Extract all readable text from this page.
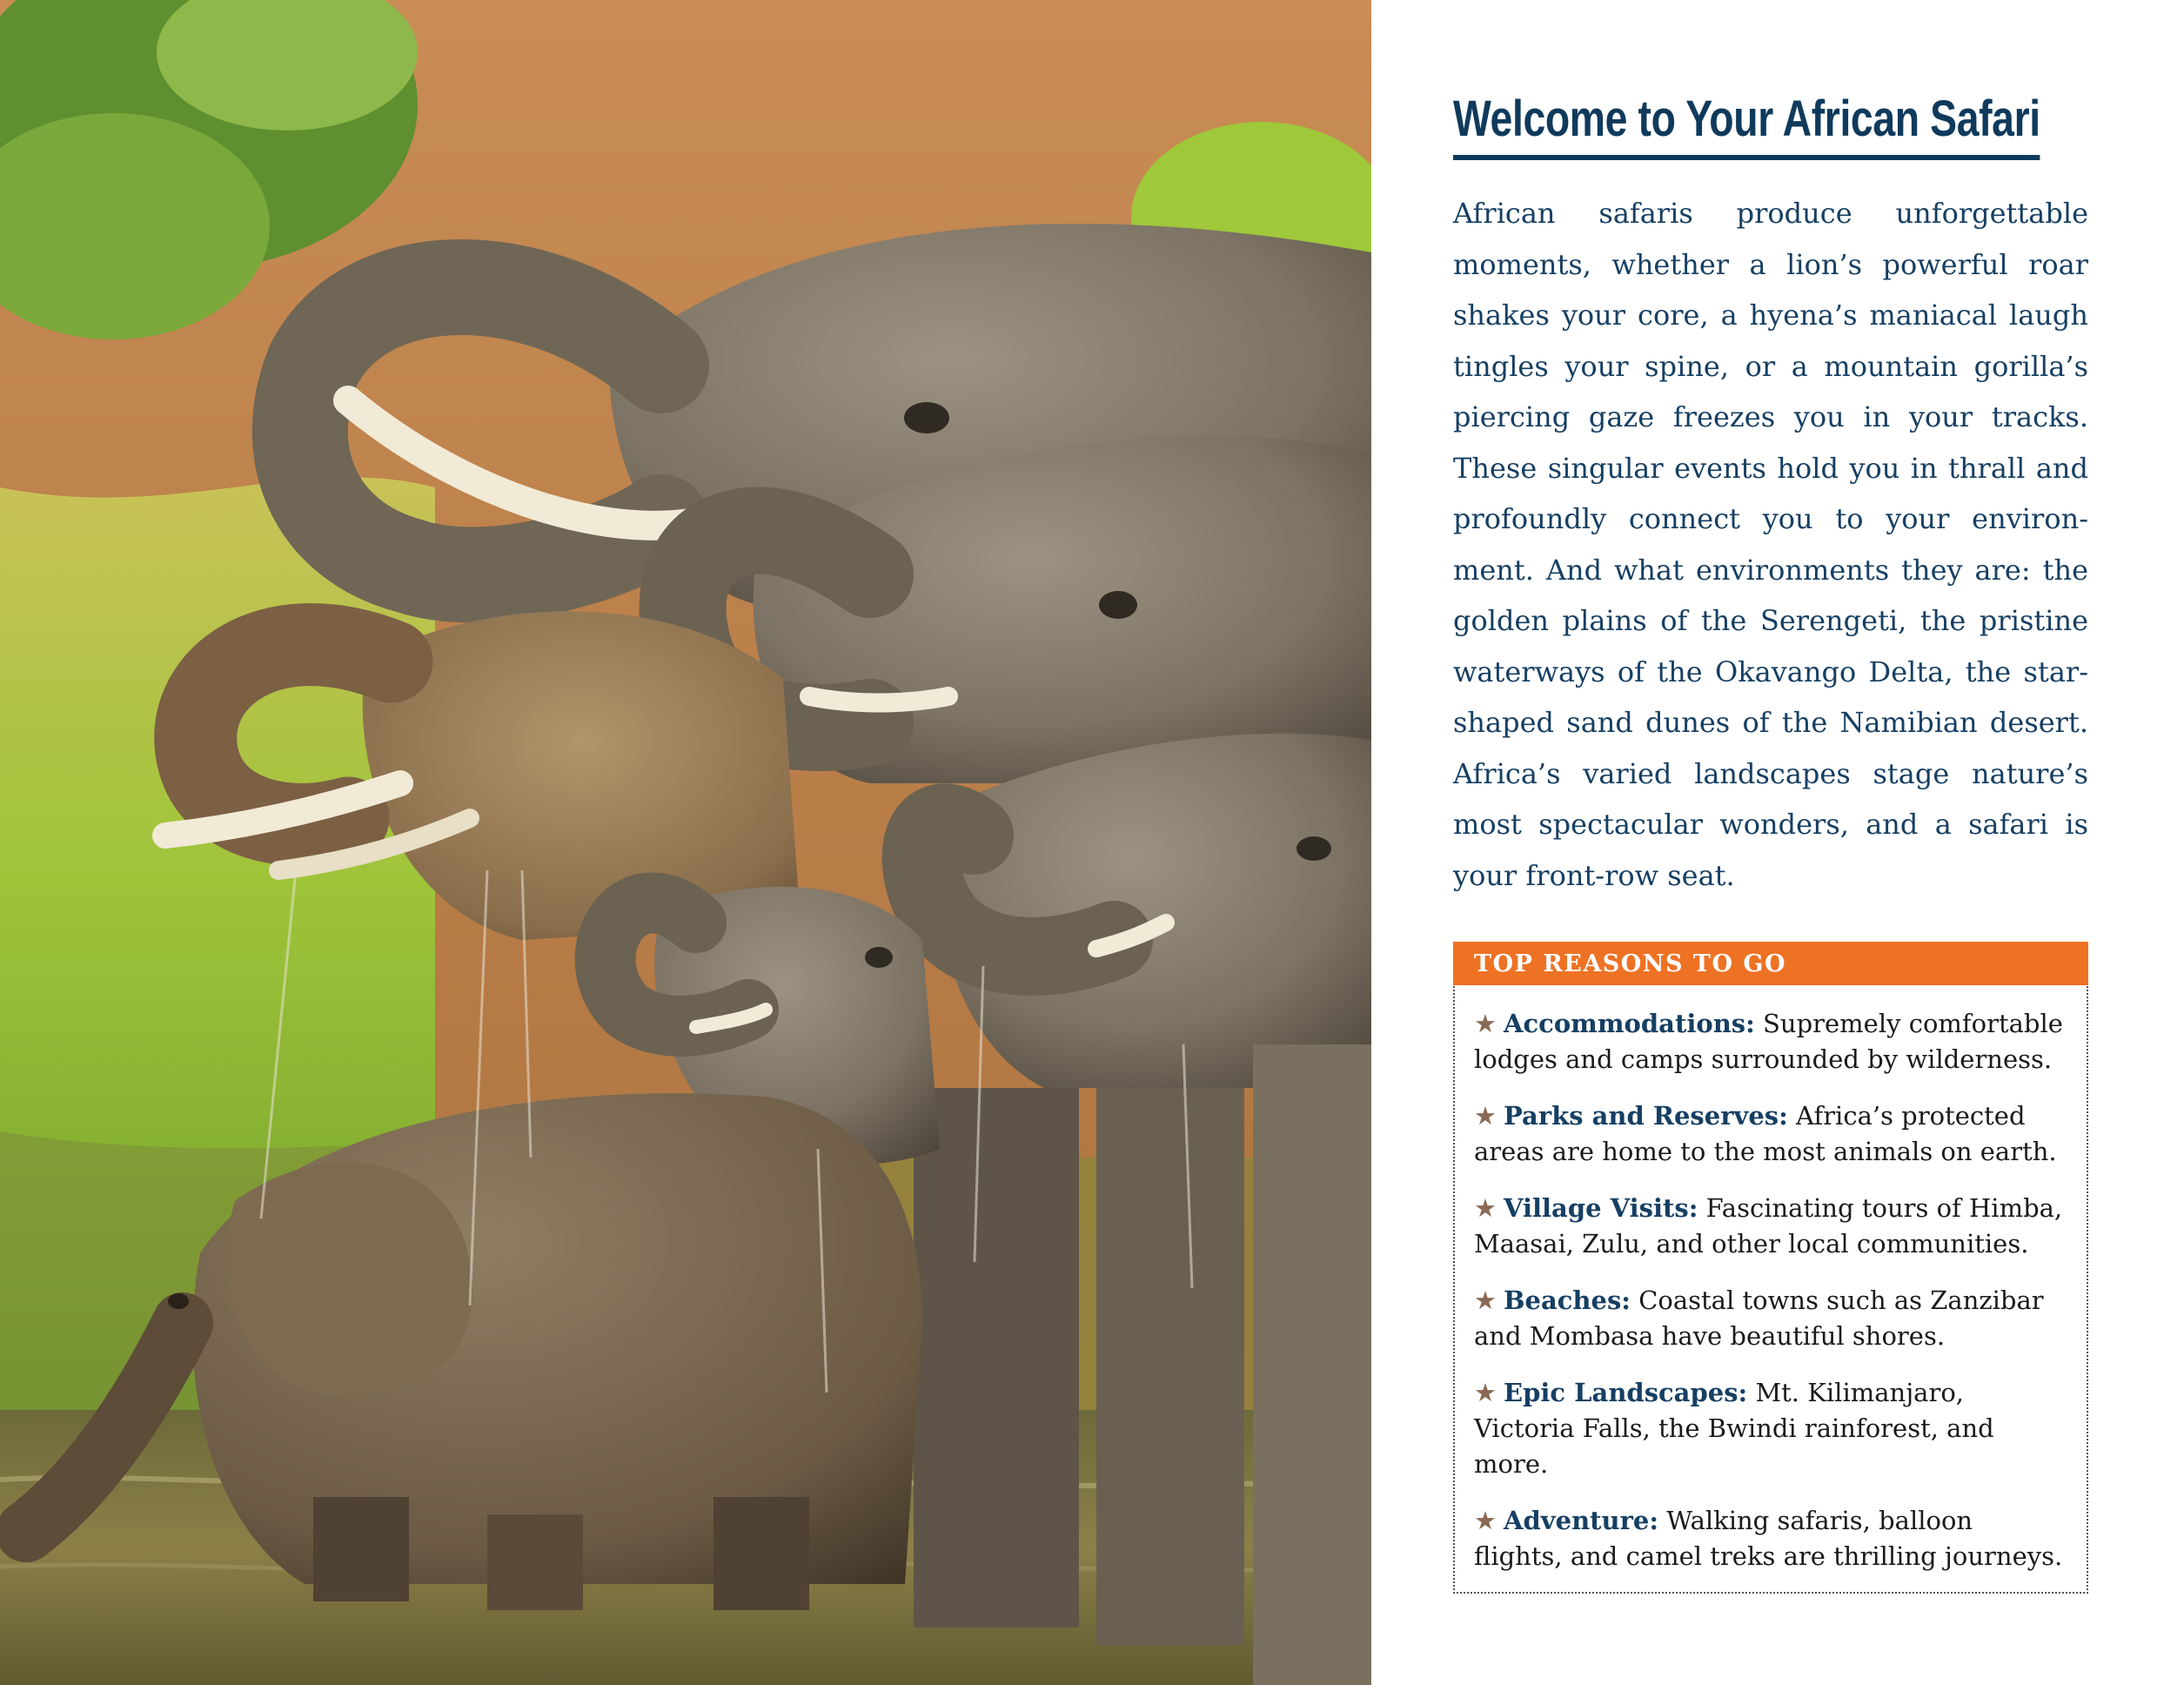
Welcome to Your African Safari

African safaris produce unforgettable moments, whether a lion’s powerful roar shakes your core, a hyena’s maniacal laugh tingles your spine, or a mountain gorilla’s piercing gaze freezes you in your tracks. These singular events hold you in thrall and profoundly connect you to your environment. And what environments they are: the golden plains of the Serengeti, the pristine waterways of the Okavango Delta, the star-shaped sand dunes of the Namibian desert. Africa’s varied landscapes stage nature’s most spectacular wonders, and a safari is your front-row seat.

TOP REASONS TO GO

★ Accommodations: Supremely comfortable lodges and camps surrounded by wilderness.

★ Parks and Reserves: Africa’s protected areas are home to the most animals on earth.

★ Village Visits: Fascinating tours of Himba, Maasai, Zulu, and other local communities.

★ Beaches: Coastal towns such as Zanzibar and Mombasa have beautiful shores.

★ Epic Landscapes: Mt. Kilimanjaro, Victoria Falls, the Bwindi rainforest, and more.

★ Adventure: Walking safaris, balloon flights, and camel treks are thrilling journeys.
